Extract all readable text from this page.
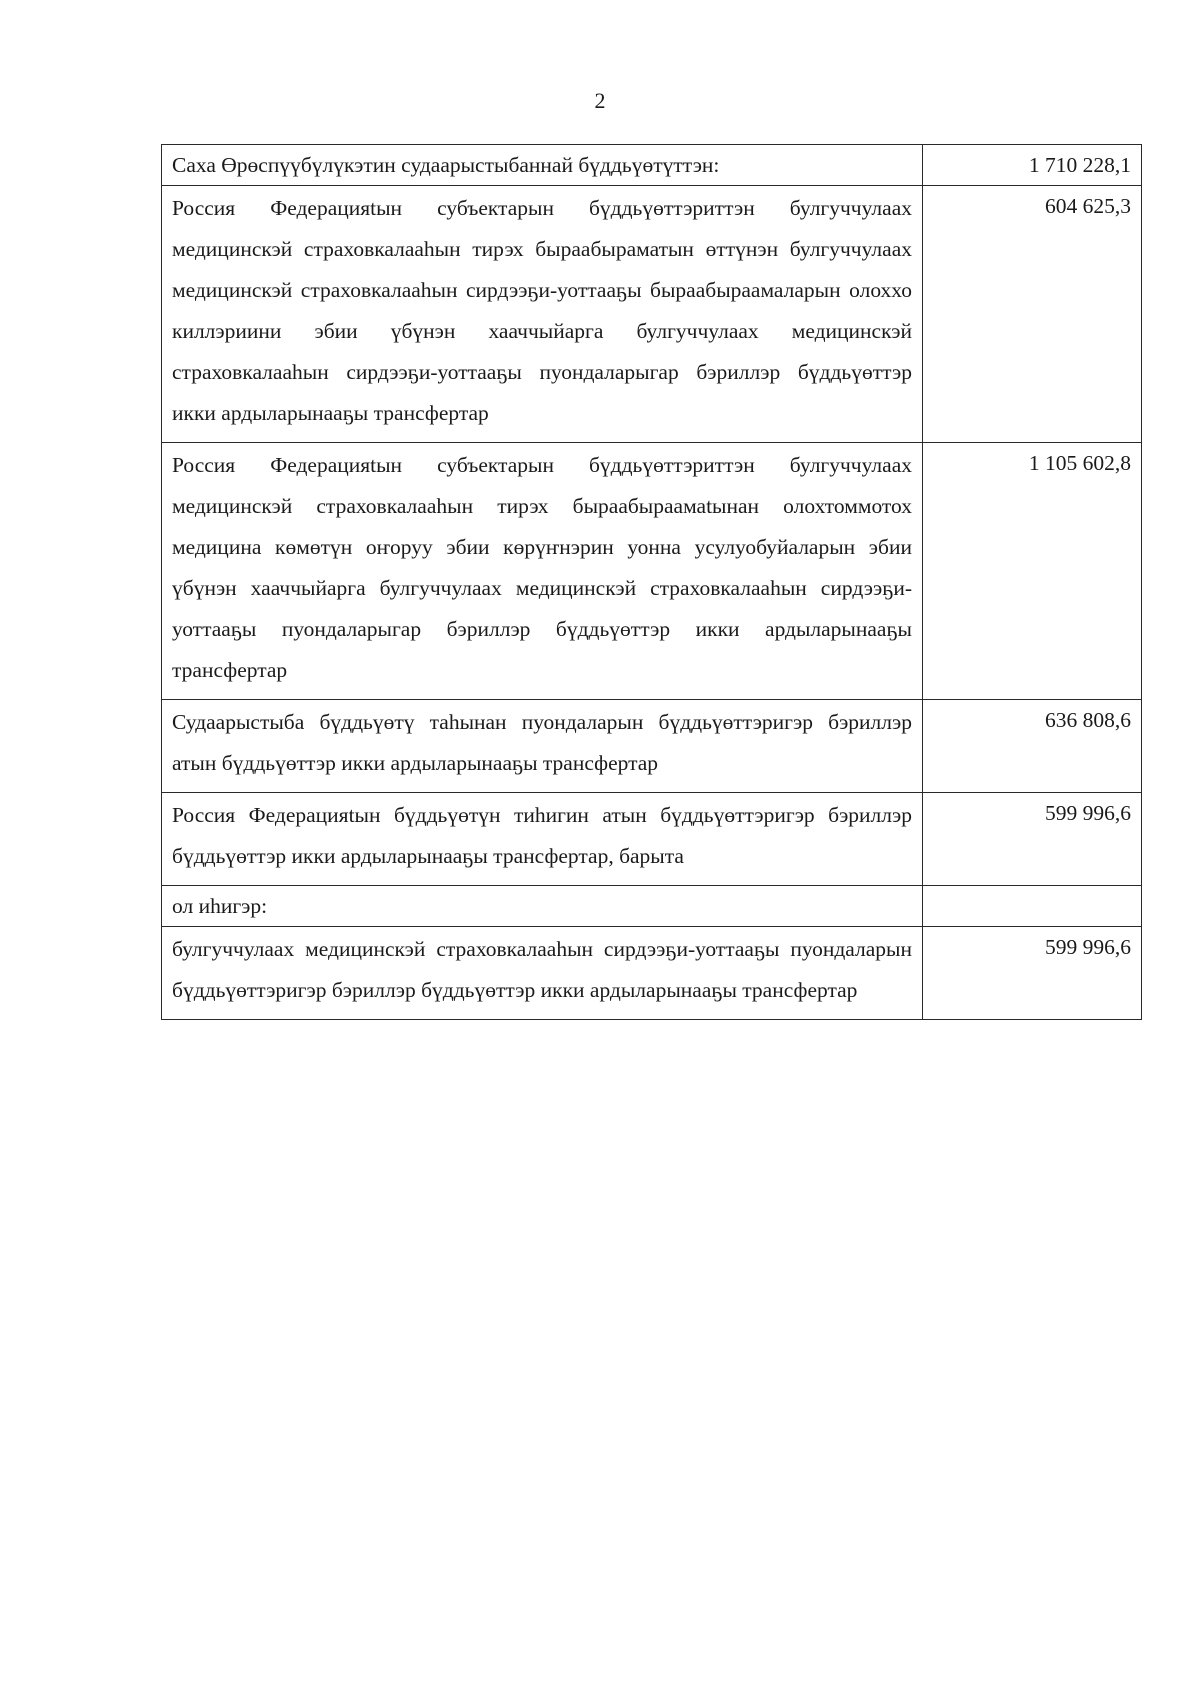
2
Саха Өрөспүүбүлүкэтин судаарыстыбаннай бүддьүөтүттэн:	1 710 228,1
Россия Федерацияtын субъектарын бүддьүөттэриттэн булгуччулаах медицинскэй страховкалааһын тирэх быраабыраматын өттүнэн булгуччулаах медицинскэй страховкалааһын сирдээҕи-уоттааҕы быраабыраамаларын олоххо киллэриини эбии үбүнэн хааччыйарга булгуччулаах медицинскэй страховкалааһын сирдээҕи-уоттааҕы пуондаларыгар бэриллэр бүддьүөттэр икки ардыларынааҕы трансфертар	604 625,3
Россия Федерацияtын субъектарын бүддьүөттэриттэн булгуччулаах медицинскэй страховкалааһын тирэх быраабыраамаtынан олохтоммотох медицина көмөтүн оҥоруу эбии көрүҥнэрин уонна усулуобуйаларын эбии үбүнэн хааччыйарга булгуччулаах медицинскэй страховкалааһын сирдээҕи-уоттааҕы пуондаларыгар бэриллэр бүддьүөттэр икки ардыларынааҕы трансфертар	1 105 602,8
Судаарыстыба бүддьүөтү таһынан пуондаларын бүддьүөттэригэр бэриллэр атын бүддьүөттэр икки ардыларынааҕы трансфертар	636 808,6
Россия Федерацияtын бүддьүөтүн тиһигин атын бүддьүөттэригэр бэриллэр бүддьүөттэр икки ардыларынааҕы трансфертар, барыта	599 996,6
ол иһигэр:	
булгуччулаах медицинскэй страховкалааһын сирдээҕи-уоттааҕы пуондаларын бүддьүөттэригэр бэриллэр бүддьүөттэр икки ардыларынааҕы трансфертар	599 996,6
